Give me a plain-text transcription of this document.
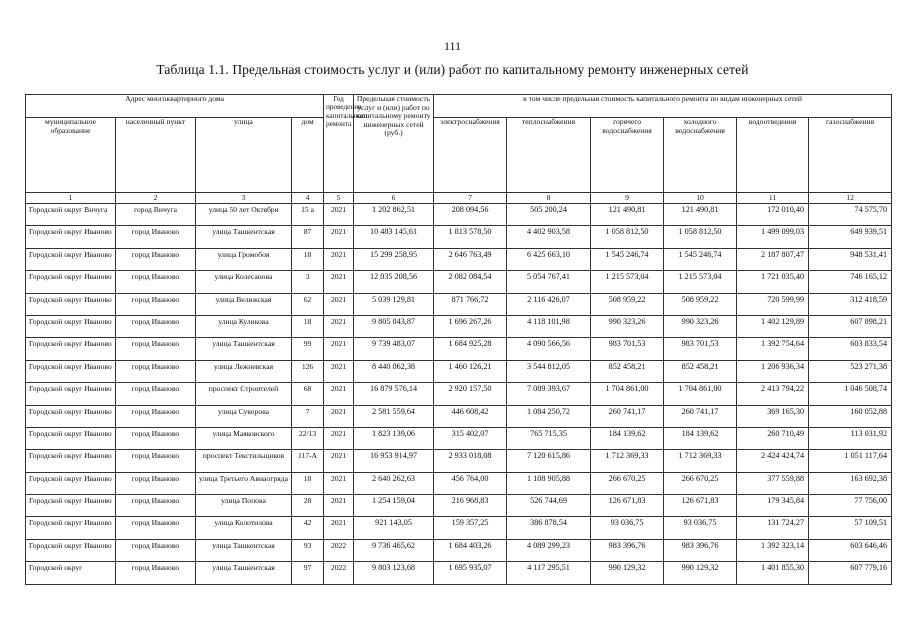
111
Таблица 1.1. Предельная стоимость услуг и (или) работ по капитальному ремонту инженерных сетей
Адрес многоквартирного дома				Год проведения капитального ремонта	Предельная стоимость услуг и (или) работ по капитальному ремонту инженерных сетей (руб.)	в том числе предельная стоимость капитального ремонта по видам инженерных сетей					
муниципальное образование	населенный пункт	улица	дом			электроснабжения	теплоснабжения	горячего водоснабжения	холодного водоснабжения	водоотведения	газоснабжения
1	2	3	4	5	6	7	8	9	10	11	12
Городской округ Вичуга	город Вичуга	улица 50 лет Октября	15 а	2021	1 202 862,51	208 094,56	505 200,24	121 490,81	121 490,81	172 010,40	74 575,70
Городской округ Иваново	город Иваново	улица Ташкентская	87	2021	10 483 145,61	1 813 578,50	4 402 903,58	1 058 812,50	1 058 812,50	1 499 099,03	649 939,51
Городской округ Иваново	город Иваново	улица Громобоя	18	2021	15 299 258,95	2 646 763,49	6 425 663,10	1 545 246,74	1 545 246,74	2 187 807,47	948 531,41
Городской округ Иваново	город Иваново	улица Колесанова	3	2021	12 035 208,56	2 082 084,54	5 054 767,41	1 215 573,04	1 215 573,04	1 721 035,40	746 165,12
Городской округ Иваново	город Иваново	улица Велижская	62	2021	5 039 129,81	871 766,72	2 116 426,07	508 959,22	508 959,22	720 599,99	312 418,59
Городской округ Иваново	город Иваново	улица Куликова	18	2021	9 805 043,87	1 696 267,26	4 118 101,98	990 323,26	990 323,26	1 402 129,89	607 898,21
Городской округ Иваново	город Иваново	улица Ташкентская	99	2021	9 739 483,07	1 684 925,28	4 090 566,56	983 701,53	983 701,53	1 392 754,64	603 833,54
Городской округ Иваново	город Иваново	улица Лежневская	126	2021	8 440 062,38	1 460 126,21	3 544 812,05	852 458,21	852 458,21	1 206 936,34	523 271,38
Городской округ Иваново	город Иваново	проспект Строителей	68	2021	16 879 576,14	2 920 157,50	7 089 393,67	1 704 861,00	1 704 861,00	2 413 794,22	1 046 508,74
Городской округ Иваново	город Иваново	улица Суворова	7	2021	2 581 559,64	446 608,42	1 084 250,72	260 741,17	260 741,17	369 165,30	160 052,88
Городской округ Иваново	город Иваново	улица Маяковского	22/13	2021	1 823 139,06	315 402,07	765 715,35	184 139,62	184 139,62	260 710,49	113 031,92
Городской округ Иваново	город Иваново	проспект Текстильщиков	117-А	2021	16 953 914,97	2 933 018,08	7 120 615,86	1 712 369,33	1 712 369,33	2 424 424,74	1 051 117,64
Городской округ Иваново	город Иваново	улица Третьего Авиаотряда	18	2021	2 640 262,63	456 764,00	1 108 905,88	266 670,25	266 670,25	377 559,88	163 692,38
Городской округ Иваново	город Иваново	улица Попова	28	2021	1 254 159,04	216 968,83	526 744,69	126 671,83	126 671,83	179 345,84	77 756,00
Городской округ Иваново	город Иваново	улица Колотилова	42	2021	921 143,05	159 357,25	386 878,54	93 036,75	93 036,75	131 724,27	57 109,51
Городской округ Иваново	город Иваново	улица Ташкентская	93	2022	9 736 465,62	1 684 403,26	4 089 299,23	983 396,76	983 396,76	1 392 323,14	603 646,46
Городской округ	город Иваново	улица Ташкентская	97	2022	9 803 123,68	1 695 935,07	4 117 295,51	990 129,32	990 129,32	1 401 855,30	607 779,16
